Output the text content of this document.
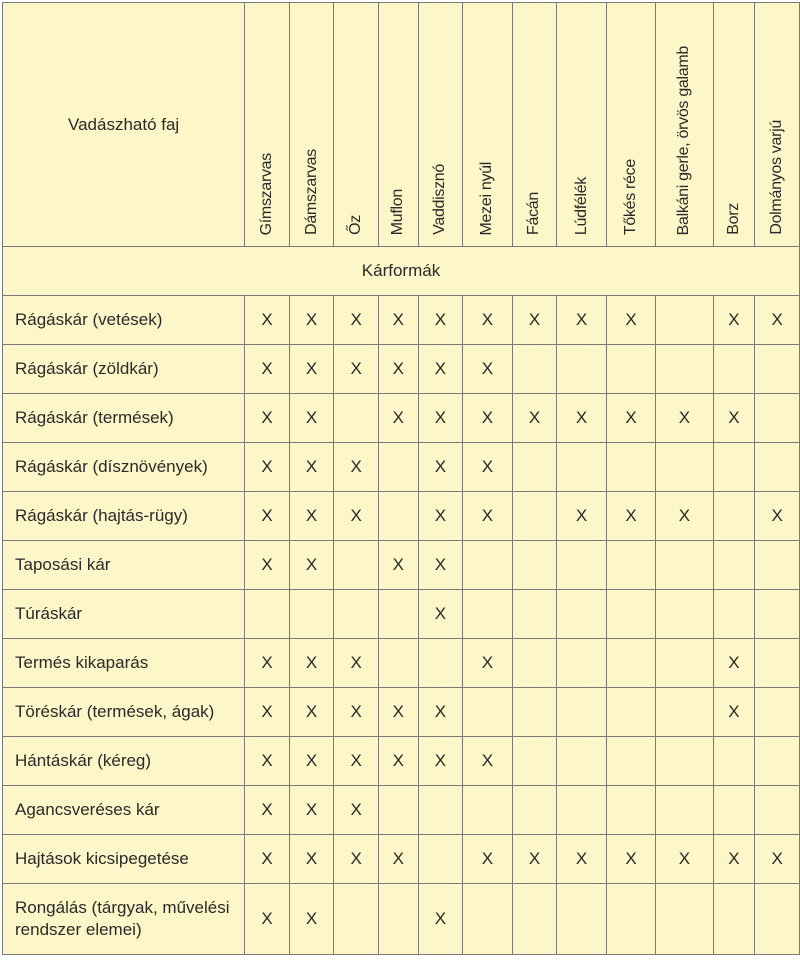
Vadászható faj	Gímszarvas	Dámszarvas	Őz	Muflon	Vaddisznó	Mezei nyúl	Fácán	Lúdfélék	Tőkés réce	Balkáni gerle, örvös galamb	Borz	Dolmányos varjú
Kárformák												
Rágáskár (vetések)	X	X	X	X	X	X	X	X	X		X	X
Rágáskár (zöldkár)	X	X	X	X	X	X						
Rágáskár (termések)	X	X		X	X	X	X	X	X	X	X	
Rágáskár (dísznövények)	X	X	X		X	X						
Rágáskár (hajtás-rügy)	X	X	X		X	X		X	X	X		X
Taposási kár	X	X		X	X							
Túráskár					X							
Termés kikaparás	X	X	X			X					X	
Töréskár (termések, ágak)	X	X	X	X	X						X	
Hántáskár (kéreg)	X	X	X	X	X	X						
Agancsveréses kár	X	X	X									
Hajtások kicsipegetése	X	X	X	X		X	X	X	X	X	X	X
Rongálás (tárgyak, művelési rendszer elemei)	X	X			X							
